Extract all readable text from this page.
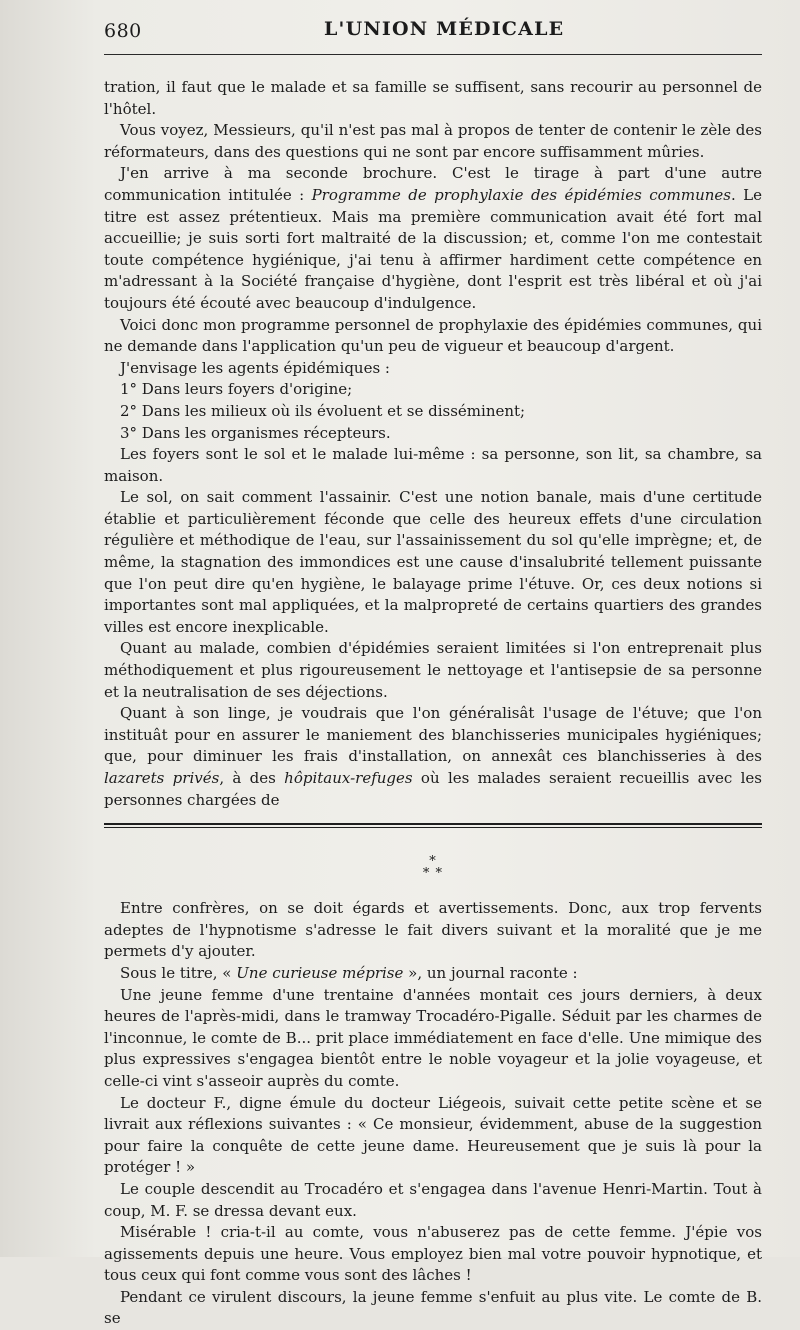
680	L'UNION MÉDICALE

tration, il faut que le malade et sa famille se suffisent, sans recourir au personnel de l'hôtel.

Vous voyez, Messieurs, qu'il n'est pas mal à propos de tenter de contenir le zèle des réformateurs, dans des questions qui ne sont par encore suffisamment mûries.

J'en arrive à ma seconde brochure. C'est le tirage à part d'une autre communication intitulée : Programme de prophylaxie des épidémies communes. Le titre est assez prétentieux. Mais ma première communication avait été fort mal accueillie; je suis sorti fort maltraité de la discussion; et, comme l'on me contestait toute compétence hygiénique, j'ai tenu à affirmer hardiment cette compétence en m'adressant à la Société française d'hygiène, dont l'esprit est très libéral et où j'ai toujours été écouté avec beaucoup d'indulgence.

Voici donc mon programme personnel de prophylaxie des épidémies communes, qui ne demande dans l'application qu'un peu de vigueur et beaucoup d'argent.

J'envisage les agents épidémiques :

1° Dans leurs foyers d'origine;

2° Dans les milieux où ils évoluent et se disséminent;

3° Dans les organismes récepteurs.

Les foyers sont le sol et le malade lui-même : sa personne, son lit, sa chambre, sa maison.

Le sol, on sait comment l'assainir. C'est une notion banale, mais d'une certitude établie et particulièrement féconde que celle des heureux effets d'une circulation régulière et méthodique de l'eau, sur l'assainissement du sol qu'elle imprègne; et, de même, la stagnation des immondices est une cause d'insalubrité tellement puissante que l'on peut dire qu'en hygiène, le balayage prime l'étuve. Or, ces deux notions si importantes sont mal appliquées, et la malpropreté de certains quartiers des grandes villes est encore inexplicable.

Quant au malade, combien d'épidémies seraient limitées si l'on entreprenait plus méthodiquement et plus rigoureusement le nettoyage et l'antisepsie de sa personne et la neutralisation de ses déjections.

Quant à son linge, je voudrais que l'on généralisât l'usage de l'étuve; que l'on instituât pour en assurer le maniement des blanchisseries municipales hygiéniques; que, pour diminuer les frais d'installation, on annexât ces blanchisseries à des lazarets privés, à des hôpitaux-refuges où les malades seraient recueillis avec les personnes chargées de

*
* *

Entre confrères, on se doit égards et avertissements. Donc, aux trop fervents adeptes de l'hypnotisme s'adresse le fait divers suivant et la moralité que je me permets d'y ajouter.

Sous le titre, « Une curieuse méprise », un journal raconte :

Une jeune femme d'une trentaine d'années montait ces jours derniers, à deux heures de l'après-midi, dans le tramway Trocadéro-Pigalle. Séduit par les charmes de l'inconnue, le comte de B... prit place immédiatement en face d'elle. Une mimique des plus expressives s'engagea bientôt entre le noble voyageur et la jolie voyageuse, et celle-ci vint s'asseoir auprès du comte.

Le docteur F., digne émule du docteur Liégeois, suivait cette petite scène et se livrait aux réflexions suivantes : « Ce monsieur, évidemment, abuse de la suggestion pour faire la conquête de cette jeune dame. Heureusement que je suis là pour la protéger ! »

Le couple descendit au Trocadéro et s'engagea dans l'avenue Henri-Martin. Tout à coup, M. F. se dressa devant eux.

Misérable ! cria-t-il au comte, vous n'abuserez pas de cette femme. J'épie vos agissements depuis une heure. Vous employez bien mal votre pouvoir hypnotique, et tous ceux qui font comme vous sont des lâches !

Pendant ce virulent discours, la jeune femme s'enfuit au plus vite. Le comte de B. se
